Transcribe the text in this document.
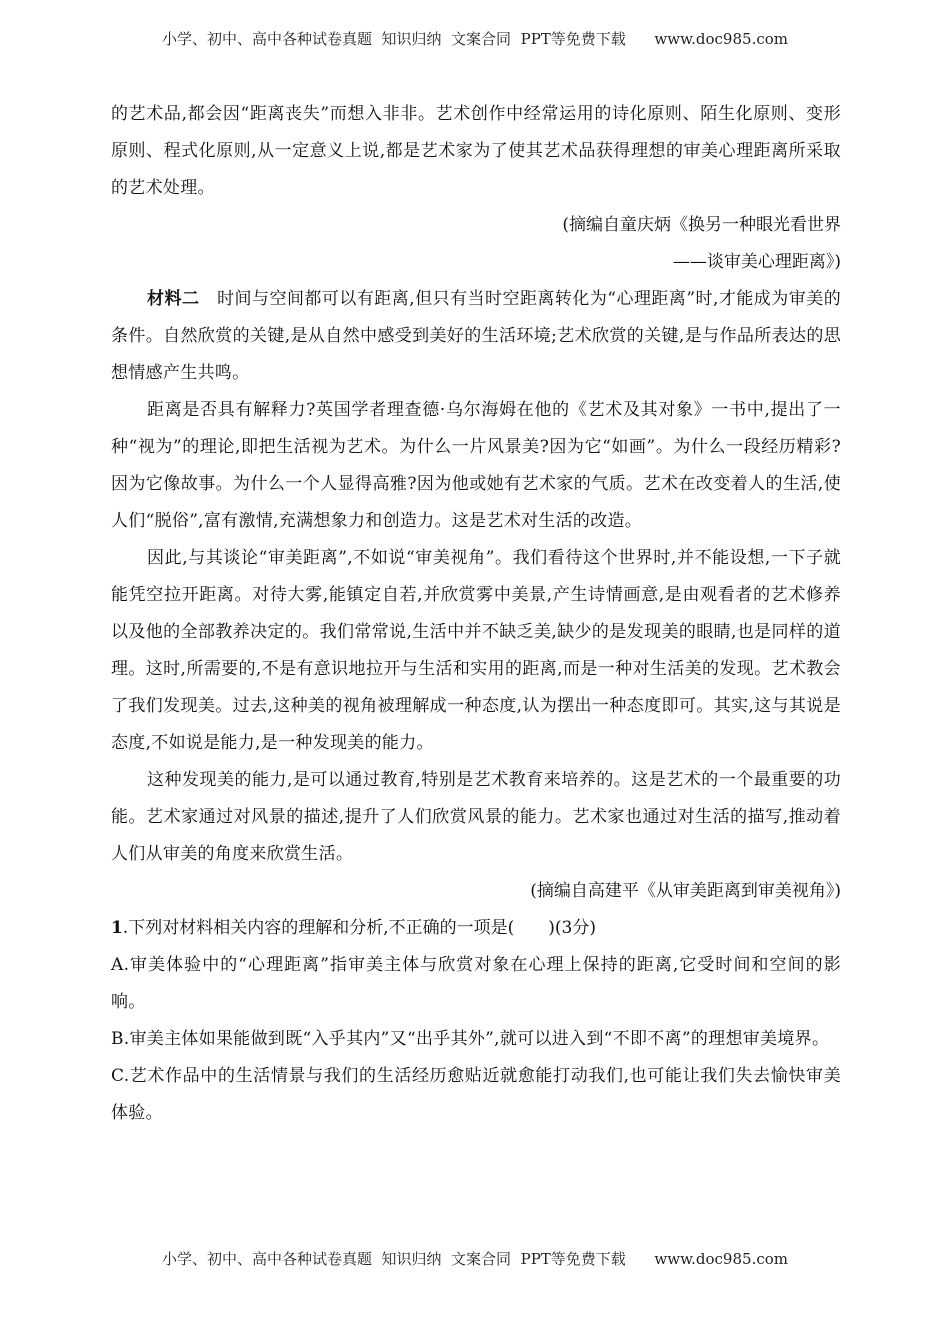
小学、初中、高中各种试卷真题  知识归纳  文案合同  PPT等免费下载      www.doc985.com

的艺术品,都会因“距离丧失”而想入非非。艺术创作中经常运用的诗化原则、陌生化原则、变形原则、程式化原则,从一定意义上说,都是艺术家为了使其艺术品获得理想的审美心理距离所采取的艺术处理。

(摘编自童庆炳《换另一种眼光看世界

——谈审美心理距离》)

材料二 时间与空间都可以有距离,但只有当时空距离转化为“心理距离”时,才能成为审美的条件。自然欣赏的关键,是从自然中感受到美好的生活环境;艺术欣赏的关键,是与作品所表达的思想情感产生共鸣。

距离是否具有解释力?英国学者理查德·乌尔海姆在他的《艺术及其对象》一书中,提出了一种“视为”的理论,即把生活视为艺术。为什么一片风景美?因为它“如画”。为什么一段经历精彩?因为它像故事。为什么一个人显得高雅?因为他或她有艺术家的气质。艺术在改变着人的生活,使人们“脱俗”,富有激情,充满想象力和创造力。这是艺术对生活的改造。

因此,与其谈论“审美距离”,不如说“审美视角”。我们看待这个世界时,并不能设想,一下子就能凭空拉开距离。对待大雾,能镇定自若,并欣赏雾中美景,产生诗情画意,是由观看者的艺术修养以及他的全部教养决定的。我们常常说,生活中并不缺乏美,缺少的是发现美的眼睛,也是同样的道理。这时,所需要的,不是有意识地拉开与生活和实用的距离,而是一种对生活美的发现。艺术教会了我们发现美。过去,这种美的视角被理解成一种态度,认为摆出一种态度即可。其实,这与其说是态度,不如说是能力,是一种发现美的能力。

这种发现美的能力,是可以通过教育,特别是艺术教育来培养的。这是艺术的一个最重要的功能。艺术家通过对风景的描述,提升了人们欣赏风景的能力。艺术家也通过对生活的描写,推动着人们从审美的角度来欣赏生活。

(摘编自高建平《从审美距离到审美视角》)

1.下列对材料相关内容的理解和分析,不正确的一项是(　　)(3分)

A.审美体验中的“心理距离”指审美主体与欣赏对象在心理上保持的距离,它受时间和空间的影响。

B.审美主体如果能做到既“入乎其内”又“出乎其外”,就可以进入到“不即不离”的理想审美境界。

C.艺术作品中的生活情景与我们的生活经历愈贴近就愈能打动我们,也可能让我们失去愉快审美体验。

小学、初中、高中各种试卷真题  知识归纳  文案合同  PPT等免费下载      www.doc985.com
